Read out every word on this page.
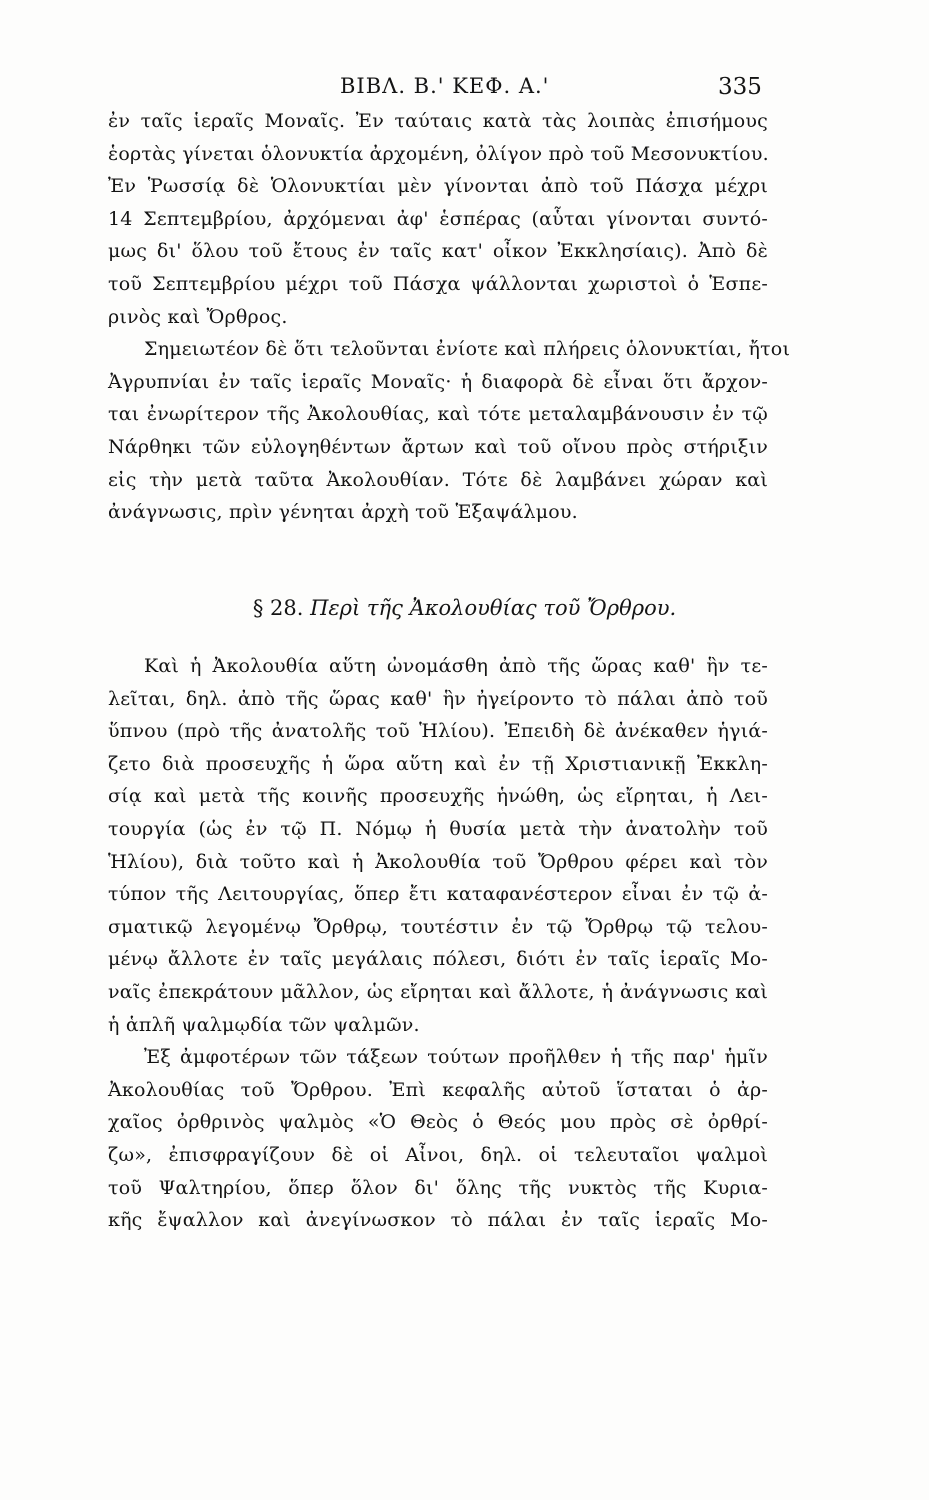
ΒΙΒΛ. Β.' ΚΕΦ. Α.'	335
ἐν ταῖς ἱεραῖς Μοναῖς. Ἐν ταύταις κατὰ τὰς λοιπὰς ἐπισήμους
ἑορτὰς γίνεται ὁλονυκτία ἀρχομένη, ὀλίγον πρὸ τοῦ Μεσονυκτίου.
Ἐν Ῥωσσίᾳ δὲ Ὁλονυκτίαι μὲν γίνονται ἀπὸ τοῦ Πάσχα μέχρι
14 Σεπτεμβρίου, ἀρχόμεναι ἀφ' ἑσπέρας (αὗται γίνονται συντό-
μως δι' ὅλου τοῦ ἔτους ἐν ταῖς κατ' οἶκον Ἐκκλησίαις). Ἀπὸ δὲ
τοῦ Σεπτεμβρίου μέχρι τοῦ Πάσχα ψάλλονται χωριστοὶ ὁ Ἑσπε-
ρινὸς καὶ Ὄρθρος.
Σημειωτέον δὲ ὅτι τελοῦνται ἐνίοτε καὶ πλήρεις ὁλονυκτίαι, ἤτοι
Ἀγρυπνίαι ἐν ταῖς ἱεραῖς Μοναῖς· ἡ διαφορὰ δὲ εἶναι ὅτι ἄρχον-
ται ἐνωρίτερον τῆς Ἀκολουθίας, καὶ τότε μεταλαμβάνουσιν ἐν τῷ
Νάρθηκι τῶν εὐλογηθέντων ἄρτων καὶ τοῦ οἴνου πρὸς στήριξιν
εἰς τὴν μετὰ ταῦτα Ἀκολουθίαν. Τότε δὲ λαμβάνει χώραν καὶ
ἀνάγνωσις, πρὶν γένηται ἀρχὴ τοῦ Ἑξαψάλμου.
§ 28. Περὶ τῆς Ἀκολουθίας τοῦ Ὄρθρου.
Καὶ ἡ Ἀκολουθία αὕτη ὠνομάσθη ἀπὸ τῆς ὥρας καθ' ἣν τε-
λεῖται, δηλ. ἀπὸ τῆς ὥρας καθ' ἣν ἠγείροντο τὸ πάλαι ἀπὸ τοῦ
ὕπνου (πρὸ τῆς ἀνατολῆς τοῦ Ἡλίου). Ἐπειδὴ δὲ ἀνέκαθεν ἡγιά-
ζετο διὰ προσευχῆς ἡ ὥρα αὕτη καὶ ἐν τῇ Χριστιανικῇ Ἐκκλη-
σίᾳ καὶ μετὰ τῆς κοινῆς προσευχῆς ἡνώθη, ὡς εἴρηται, ἡ Λει-
τουργία (ὡς ἐν τῷ Π. Νόμῳ ἡ θυσία μετὰ τὴν ἀνατολὴν τοῦ
Ἡλίου), διὰ τοῦτο καὶ ἡ Ἀκολουθία τοῦ Ὄρθρου φέρει καὶ τὸν
τύπον τῆς Λειτουργίας, ὅπερ ἔτι καταφανέστερον εἶναι ἐν τῷ ἀ-
σματικῷ λεγομένῳ Ὄρθρῳ, τουτέστιν ἐν τῷ Ὄρθρῳ τῷ τελου-
μένῳ ἄλλοτε ἐν ταῖς μεγάλαις πόλεσι, διότι ἐν ταῖς ἱεραῖς Μο-
ναῖς ἐπεκράτουν μᾶλλον, ὡς εἴρηται καὶ ἄλλοτε, ἡ ἀνάγνωσις καὶ
ἡ ἁπλῆ ψαλμῳδία τῶν ψαλμῶν.
Ἐξ ἀμφοτέρων τῶν τάξεων τούτων προῆλθεν ἡ τῆς παρ' ἡμῖν
Ἀκολουθίας τοῦ Ὄρθρου. Ἐπὶ κεφαλῆς αὐτοῦ ἵσταται ὁ ἀρ-
χαῖος ὀρθρινὸς ψαλμὸς «Ὁ Θεὸς ὁ Θεός μου πρὸς σὲ ὀρθρί-
ζω», ἐπισφραγίζουν δὲ οἱ Αἶνοι, δηλ. οἱ τελευταῖοι ψαλμοὶ
τοῦ Ψαλτηρίου, ὅπερ ὅλον δι' ὅλης τῆς νυκτὸς τῆς Κυρια-
κῆς ἔψαλλον καὶ ἀνεγίνωσκον τὸ πάλαι ἐν ταῖς ἱεραῖς Μο-
